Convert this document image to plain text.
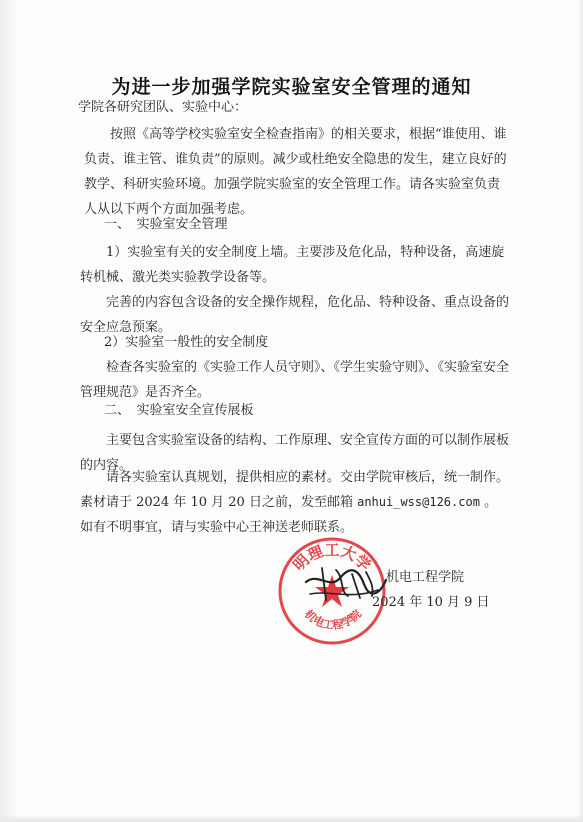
为进一步加强学院实验室安全管理的通知
学院各研究团队、实验中心：
按照《高等学校实验室安全检查指南》的相关要求，根据“谁使用、谁负责、谁主管、谁负责”的原则。减少或杜绝安全隐患的发生，建立良好的教学、科研实验环境。加强学院实验室的安全管理工作。请各实验室负责人从以下两个方面加强考虑。
一、　实验室安全管理
1）实验室有关的安全制度上墙。主要涉及危化品，特种设备，高速旋转机械、激光类实验教学设备等。
完善的内容包含设备的安全操作规程，危化品、特种设备、重点设备的安全应急预案。
2）实验室一般性的安全制度
检查各实验室的《实验工作人员守则》、《学生实验守则》、《实验室安全管理规范》是否齐全。
二、　实验室安全宣传展板
主要包含实验室设备的结构、工作原理、安全宣传方面的可以制作展板的内容。
请各实验室认真规划，提供相应的素材。交由学院审核后，统一制作。素材请于 2024 年 10 月 20 日之前，发至邮箱 anhui_wss@126.com 。如有不明事宜，请与实验中心王神送老师联系。
明理工大学
机电工程学院
机电工程学院
2024 年 10 月 9 日
